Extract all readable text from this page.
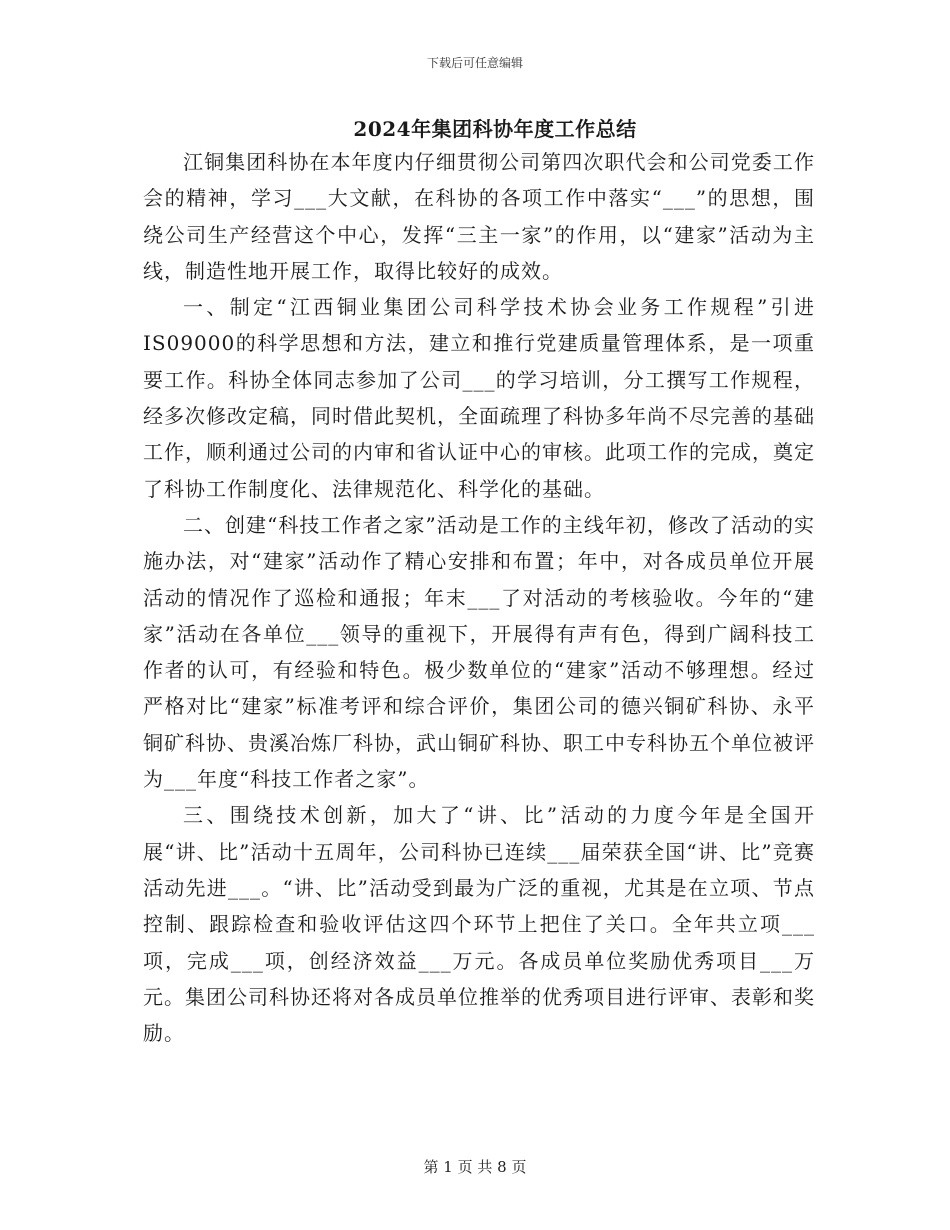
下载后可任意编辑
2024年集团科协年度工作总结

江铜集团科协在本年度内仔细贯彻公司第四次职代会和公司党委工作会的精神，学习___大文献，在科协的各项工作中落实“___”的思想，围绕公司生产经营这个中心，发挥“三主一家”的作用，以“建家”活动为主线，制造性地开展工作，取得比较好的成效。

一、制定“江西铜业集团公司科学技术协会业务工作规程”引进IS09000的科学思想和方法，建立和推行党建质量管理体系，是一项重要工作。科协全体同志参加了公司___的学习培训，分工撰写工作规程，经多次修改定稿，同时借此契机，全面疏理了科协多年尚不尽完善的基础工作，顺利通过公司的内审和省认证中心的审核。此项工作的完成，奠定了科协工作制度化、法律规范化、科学化的基础。

二、创建“科技工作者之家”活动是工作的主线年初，修改了活动的实施办法，对“建家”活动作了精心安排和布置；年中，对各成员单位开展活动的情况作了巡检和通报；年末___了对活动的考核验收。今年的“建家”活动在各单位___领导的重视下，开展得有声有色，得到广阔科技工作者的认可，有经验和特色。极少数单位的“建家”活动不够理想。经过严格对比“建家”标准考评和综合评价，集团公司的德兴铜矿科协、永平铜矿科协、贵溪冶炼厂科协，武山铜矿科协、职工中专科协五个单位被评为___年度“科技工作者之家”。

三、围绕技术创新，加大了“讲、比”活动的力度今年是全国开展“讲、比”活动十五周年，公司科协已连续___届荣获全国“讲、比”竞赛活动先进___。“讲、比”活动受到最为广泛的重视，尤其是在立项、节点控制、跟踪检查和验收评估这四个环节上把住了关口。全年共立项___项，完成___项，创经济效益___万元。各成员单位奖励优秀项目___万元。集团公司科协还将对各成员单位推举的优秀项目进行评审、表彰和奖励。

第 1 页 共 8 页
